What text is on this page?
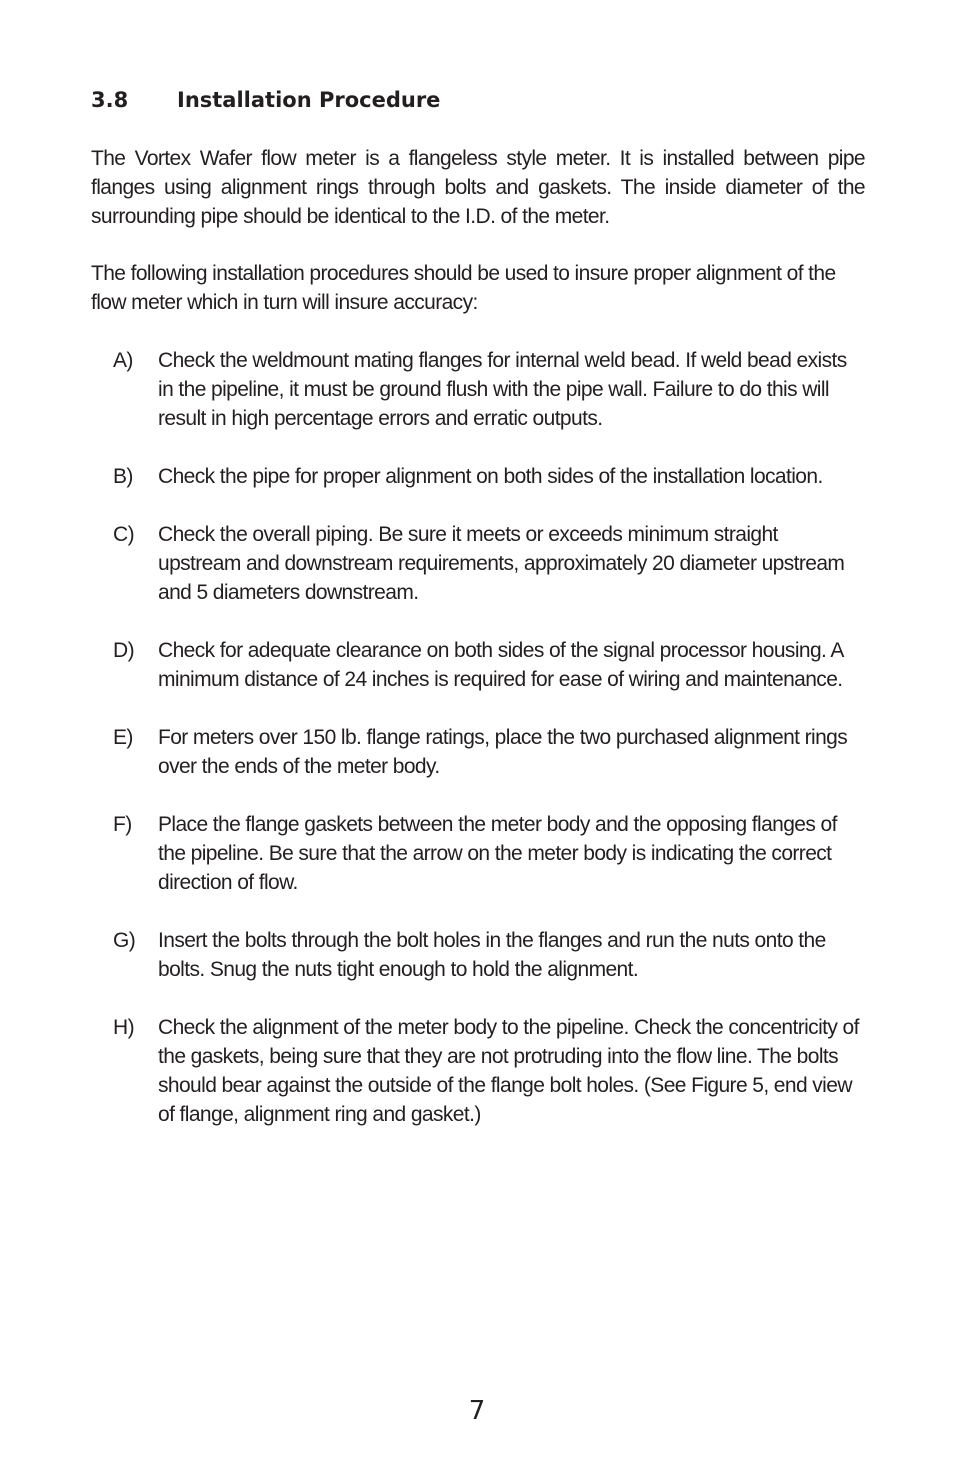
3.8 Installation Procedure

The Vortex Wafer flow meter is a flangeless style meter. It is installed between pipe flanges using alignment rings through bolts and gaskets. The inside diameter of the surrounding pipe should be identical to the I.D. of the meter.

The following installation procedures should be used to insure proper alignment of the flow meter which in turn will insure accuracy:

A) Check the weldmount mating flanges for internal weld bead. If weld bead exists in the pipeline, it must be ground flush with the pipe wall. Failure to do this will result in high percentage errors and erratic outputs.
B) Check the pipe for proper alignment on both sides of the installation location.
C) Check the overall piping. Be sure it meets or exceeds minimum straight upstream and downstream requirements, approximately 20 diameter upstream and 5 diameters downstream.
D) Check for adequate clearance on both sides of the signal processor housing. A minimum distance of 24 inches is required for ease of wiring and maintenance.
E) For meters over 150 lb. flange ratings, place the two purchased alignment rings over the ends of the meter body.
F) Place the flange gaskets between the meter body and the opposing flanges of the pipeline. Be sure that the arrow on the meter body is indicating the correct direction of flow.
G) Insert the bolts through the bolt holes in the flanges and run the nuts onto the bolts. Snug the nuts tight enough to hold the alignment.
H) Check the alignment of the meter body to the pipeline. Check the concentricity of the gaskets, being sure that they are not protruding into the flow line. The bolts should bear against the outside of the flange bolt holes. (See Figure 5, end view of flange, alignment ring and gasket.)
7
